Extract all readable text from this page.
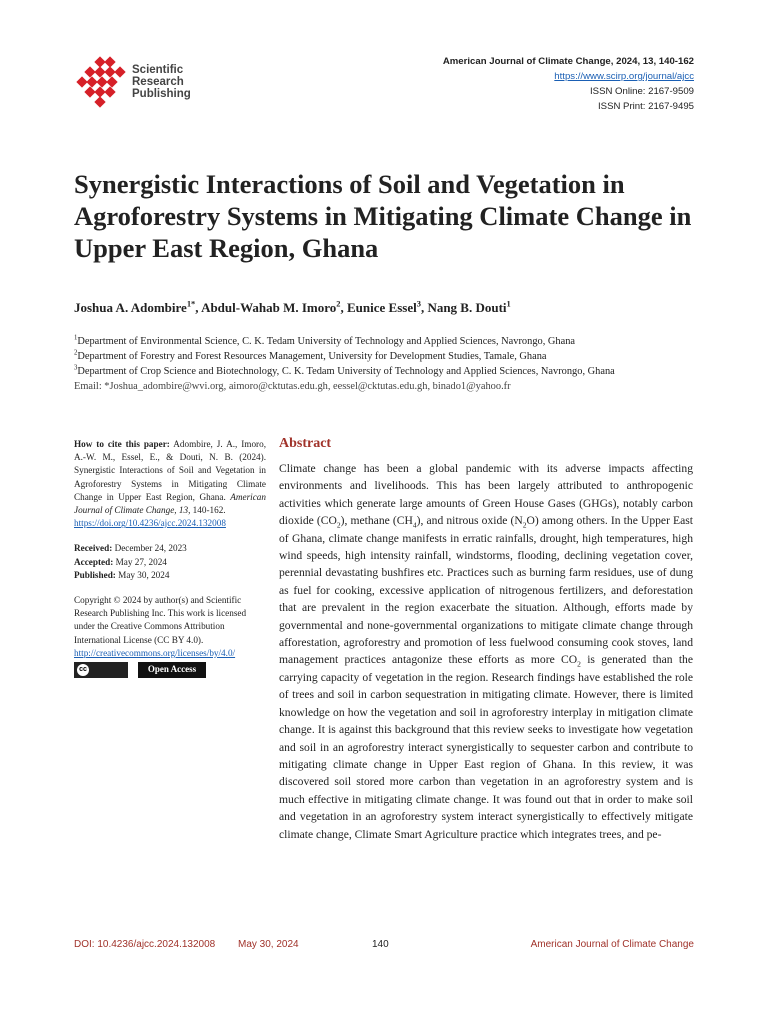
Scientific
Research
Publishing
American Journal of Climate Change, 2024, 13, 140-162
https://www.scirp.org/journal/ajcc
ISSN Online: 2167-9509
ISSN Print: 2167-9495
Synergistic Interactions of Soil and Vegetation in Agroforestry Systems in Mitigating Climate Change in Upper East Region, Ghana
Joshua A. Adombire$^{1*}$, Abdul-Wahab M. Imoro$^2$, Eunice Essel$^3$, Nang B. Douti$^1$
$^1$Department of Environmental Science, C. K. Tedam University of Technology and Applied Sciences, Navrongo, Ghana
$^2$Department of Forestry and Forest Resources Management, University for Development Studies, Tamale, Ghana
$^3$Department of Crop Science and Biotechnology, C. K. Tedam University of Technology and Applied Sciences, Navrongo, Ghana
Email: *Joshua_adombire@wvi.org, aimoro@cktutas.edu.gh, eessel@cktutas.edu.gh, binado1@yahoo.fr
How to cite this paper: Adombire, J. A., Imoro, A.-W. M., Essel, E., & Douti, N. B. (2024). Synergistic Interactions of Soil and Vegetation in Agroforestry Systems in Mitigating Climate Change in Upper East Region, Ghana. American Journal of Climate Change, 13, 140-162.
https://doi.org/10.4236/ajcc.2024.132008
Received: December 24, 2023
Accepted: May 27, 2024
Published: May 30, 2024
Copyright © 2024 by author(s) and Scientific Research Publishing Inc. This work is licensed under the Creative Commons Attribution International License (CC BY 4.0).
http://creativecommons.org/licenses/by/4.0/
cc	Open Access
Abstract

Climate change has been a global pandemic with its adverse impacts affecting environments and livelihoods. This has been largely attributed to anthropogenic activities which generate large amounts of Green House Gases (GHGs), notably carbon dioxide $(CO_2)$, methane $(CH_4)$, and nitrous oxide $(N_2O)$ among others. In the Upper East of Ghana, climate change manifests in erratic rainfalls, drought, high temperatures, high wind speeds, high intensity rainfall, windstorms, flooding, declining vegetation cover, perennial devastating bushfires etc. Practices such as burning farm residues, use of dung as fuel for cooking, excessive application of nitrogenous fertilizers, and deforestation that are prevalent in the region exacerbate the situation. Although, efforts made by governmental and none-governmental organizations to mitigate climate change through afforestation, agroforestry and promotion of less fuelwood consuming cook stoves, land management practices antagonize these efforts as more $CO_2$ is generated than the carrying capacity of vegetation in the region. Research findings have established the role of trees and soil in carbon sequestration in mitigating climate. However, there is limited knowledge on how the vegetation and soil in agroforestry interplay in mitigation climate change. It is against this background that this review seeks to investigate how vegetation and soil in an agroforestry interact synergistically to sequester carbon and contribute to mitigating climate change in Upper East region of Ghana. In this review, it was discovered soil stored more carbon than vegetation in an agroforestry system and is much effective in mitigating climate change. It was found out that in order to make soil and vegetation in an agroforestry system interact synergistically to effectively mitigate climate change, Climate Smart Agriculture practice which integrates trees, and pe-

DOI: 10.4236/ajcc.2024.132008 May 30, 2024	140	American Journal of Climate Change
